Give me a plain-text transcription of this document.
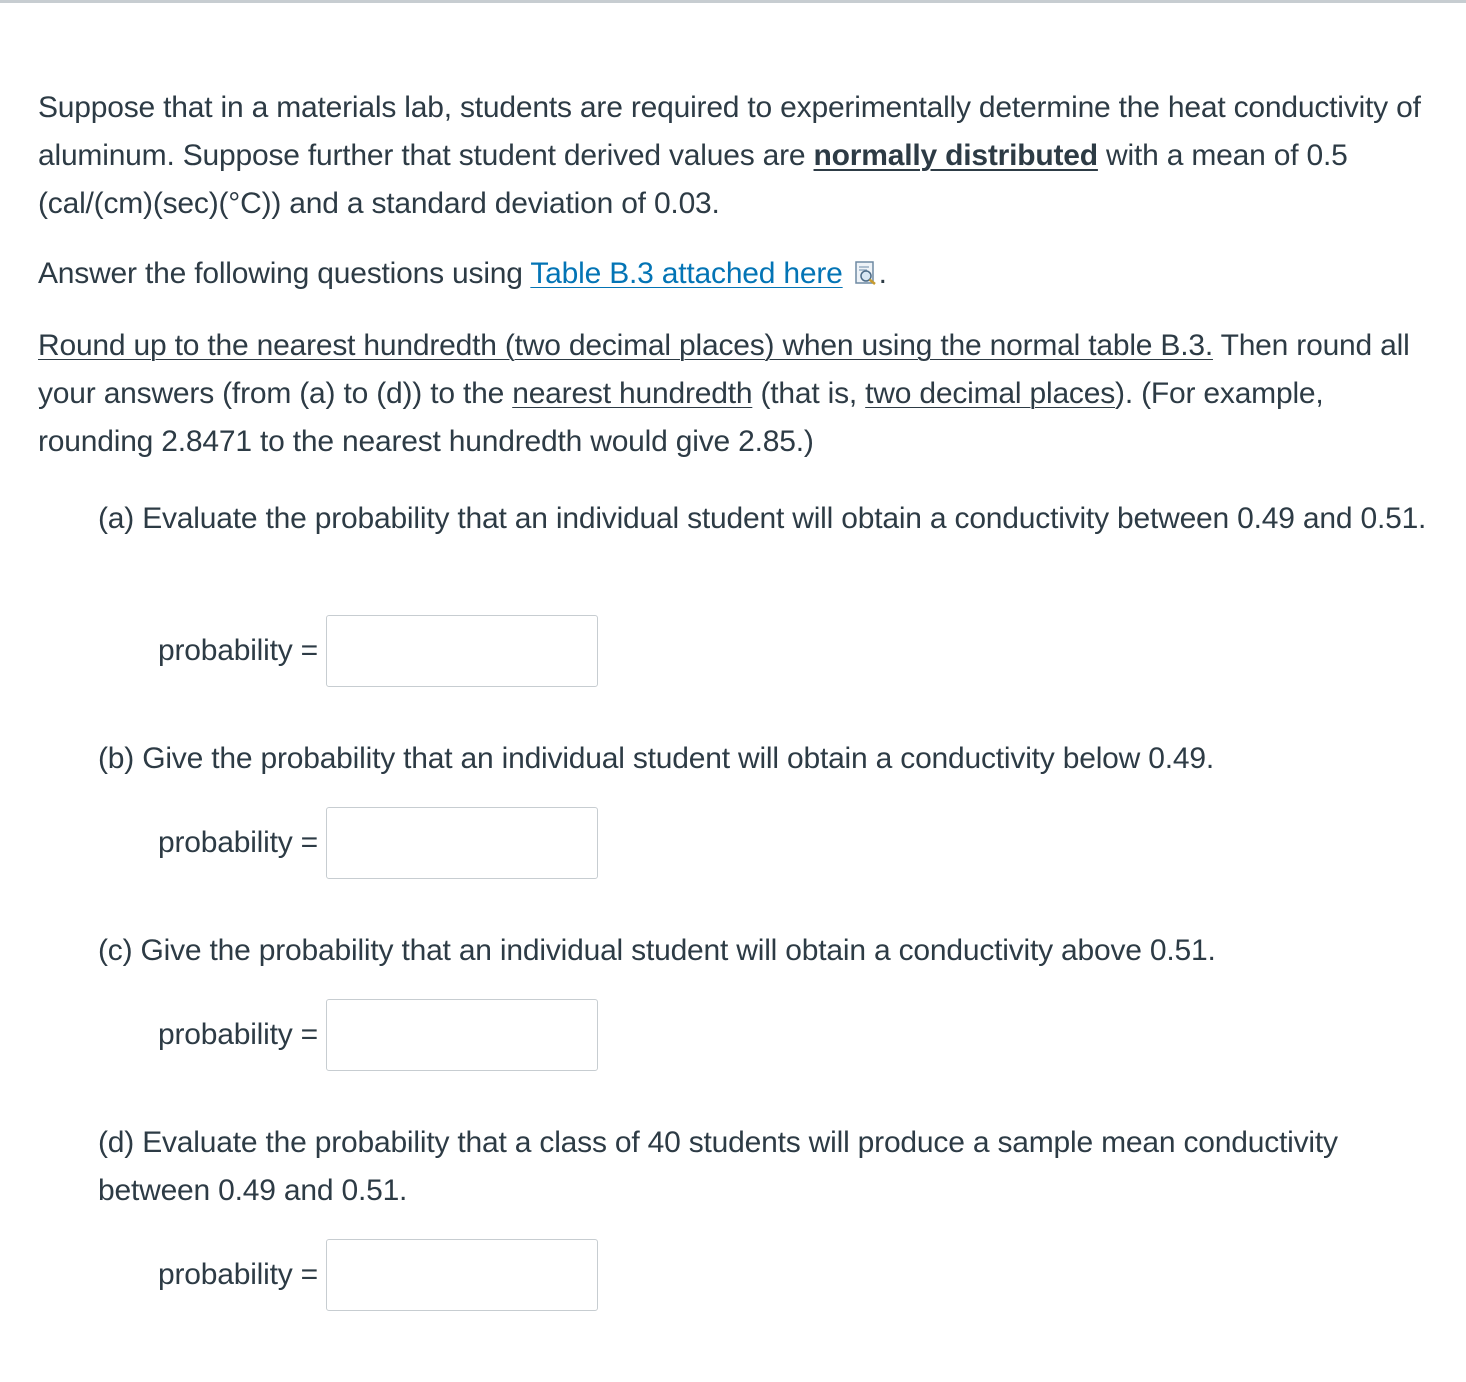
Suppose that in a materials lab, students are required to experimentally determine the heat conductivity of aluminum. Suppose further that student derived values are normally distributed with a mean of 0.5 (cal/(cm)(sec)(°C)) and a standard deviation of 0.03.

Answer the following questions using Table B.3 attached here .

Round up to the nearest hundredth (two decimal places) when using the normal table B.3. Then round all your answers (from (a) to (d)) to the nearest hundredth (that is, two decimal places). (For example, rounding 2.8471 to the nearest hundredth would give 2.85.)

(a) Evaluate the probability that an individual student will obtain a conductivity between 0.49 and 0.51.

probability =

(b) Give the probability that an individual student will obtain a conductivity below 0.49.

probability =

(c) Give the probability that an individual student will obtain a conductivity above 0.51.

probability =

(d) Evaluate the probability that a class of 40 students will produce a sample mean conductivity between 0.49 and 0.51.

probability =
